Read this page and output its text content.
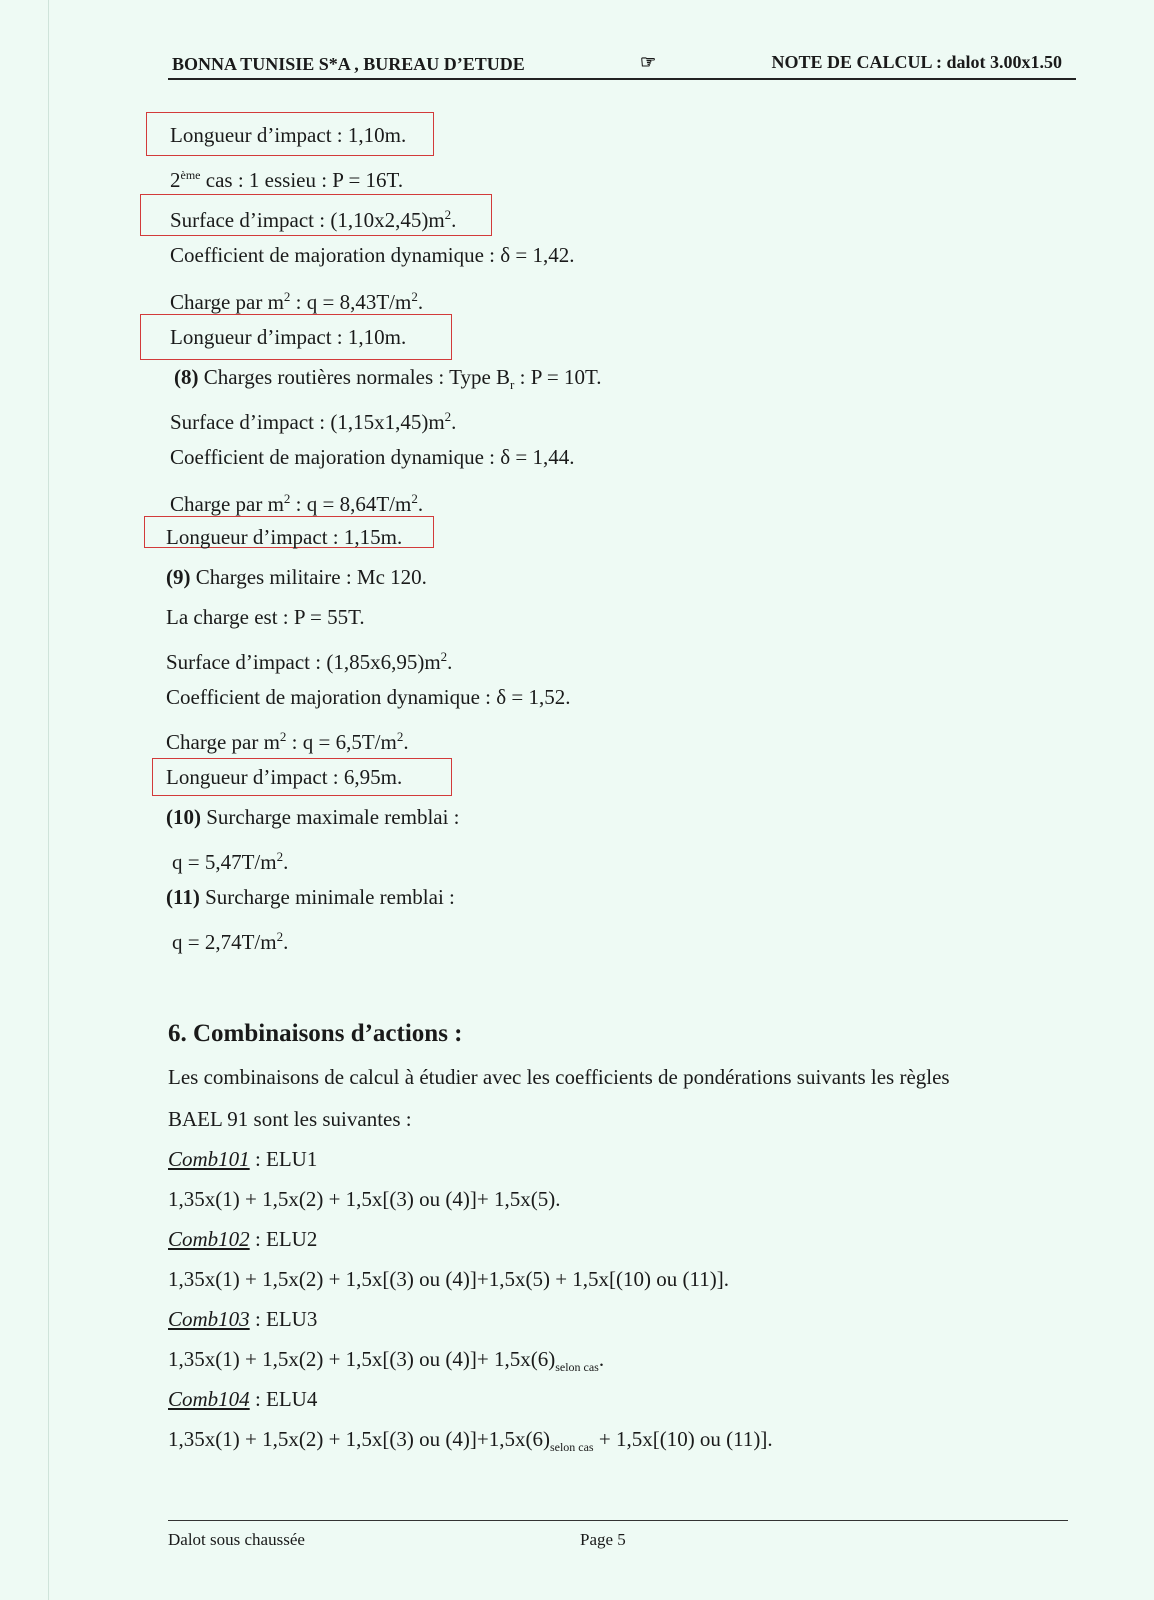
BONNA TUNISIE S*A , BUREAU D’ETUDE	☞	NOTE DE CALCUL : dalot 3.00x1.50
Longueur d’impact : 1,10m.
2ème cas : 1 essieu : P = 16T.
Surface d’impact : $(1,10x2,45)m^2$.
Coefficient de majoration dynamique : δ = 1,42.
Charge par $m^2$ : $q = 8,43T/m^2$.
Longueur d’impact : 1,10m.
(8) Charges routières normales : Type $B_r$ : P = 10T.
Surface d’impact : $(1,15x1,45)m^2$.
Coefficient de majoration dynamique : δ = 1,44.
Charge par $m^2$ : $q = 8,64T/m^2$.
Longueur d’impact : 1,15m.
(9) Charges militaire : Mc 120.
La charge est : P = 55T.
Surface d’impact : $(1,85x6,95)m^2$.
Coefficient de majoration dynamique : δ = 1,52.
Charge par $m^2$ : $q = 6,5T/m^2$.
Longueur d’impact : 6,95m.
(10) Surcharge maximale remblai :
$q = 5,47T/m^2$.
(11) Surcharge minimale remblai :
$q = 2,74T/m^2$.
6. Combinaisons d’actions :
Les combinaisons de calcul à étudier avec les coefficients de pondérations suivants les règles
BAEL 91 sont les suivantes :
Comb101 : ELU1
1,35x(1) + 1,5x(2) + 1,5x[(3) ou (4)]+ 1,5x(5).
Comb102 : ELU2
1,35x(1) + 1,5x(2) + 1,5x[(3) ou (4)]+1,5x(5) + 1,5x[(10) ou (11)].
Comb103 : ELU3
1,35x(1) + 1,5x(2) + 1,5x[(3) ou $(4)]+ 1,5x(6)_{selon cas}$.
Comb104 : ELU4
1,35x(1) + 1,5x(2) + 1,5x[(3) ou $(4)]+1,5x(6)_{selon cas} + 1,5x[(10)$ ou (11)].
Dalot sous chaussée	Page 5
